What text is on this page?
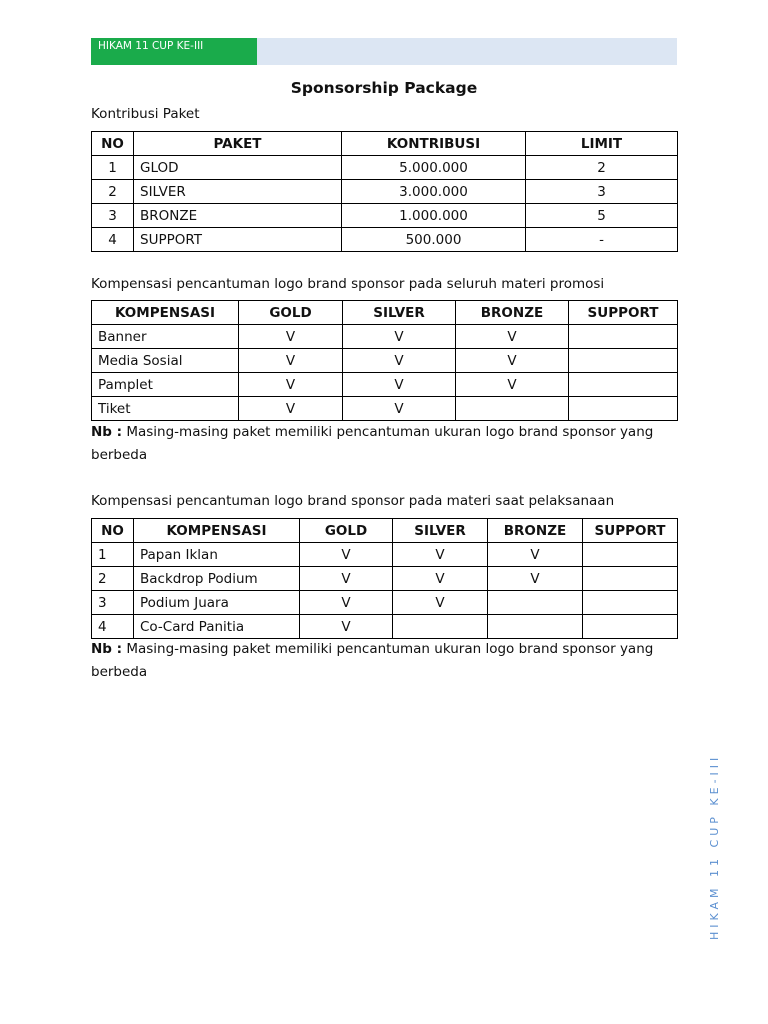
HIKAM 11 CUP KE-III
Sponsorship Package
Kontribusi Paket
NO	PAKET	KONTRIBUSI	LIMIT
1	GLOD	5.000.000	2
2	SILVER	3.000.000	3
3	BRONZE	1.000.000	5
4	SUPPORT	500.000	-
Kompensasi pencantuman logo brand sponsor pada seluruh materi promosi
KOMPENSASI	GOLD	SILVER	BRONZE	SUPPORT
Banner	V	V	V	
Media Sosial	V	V	V	
Pamplet	V	V	V	
Tiket	V	V		
Nb : Masing-masing paket memiliki pencantuman ukuran logo brand sponsor yang
berbeda
Kompensasi pencantuman logo brand sponsor pada materi saat pelaksanaan
NO	KOMPENSASI	GOLD	SILVER	BRONZE	SUPPORT
1	Papan Iklan	V	V	V	
2	Backdrop Podium	V	V	V	
3	Podium Juara	V	V		
4	Co-Card Panitia	V			
Nb : Masing-masing paket memiliki pencantuman ukuran logo brand sponsor yang
berbeda
HIKAM 11 CUP KE-III
